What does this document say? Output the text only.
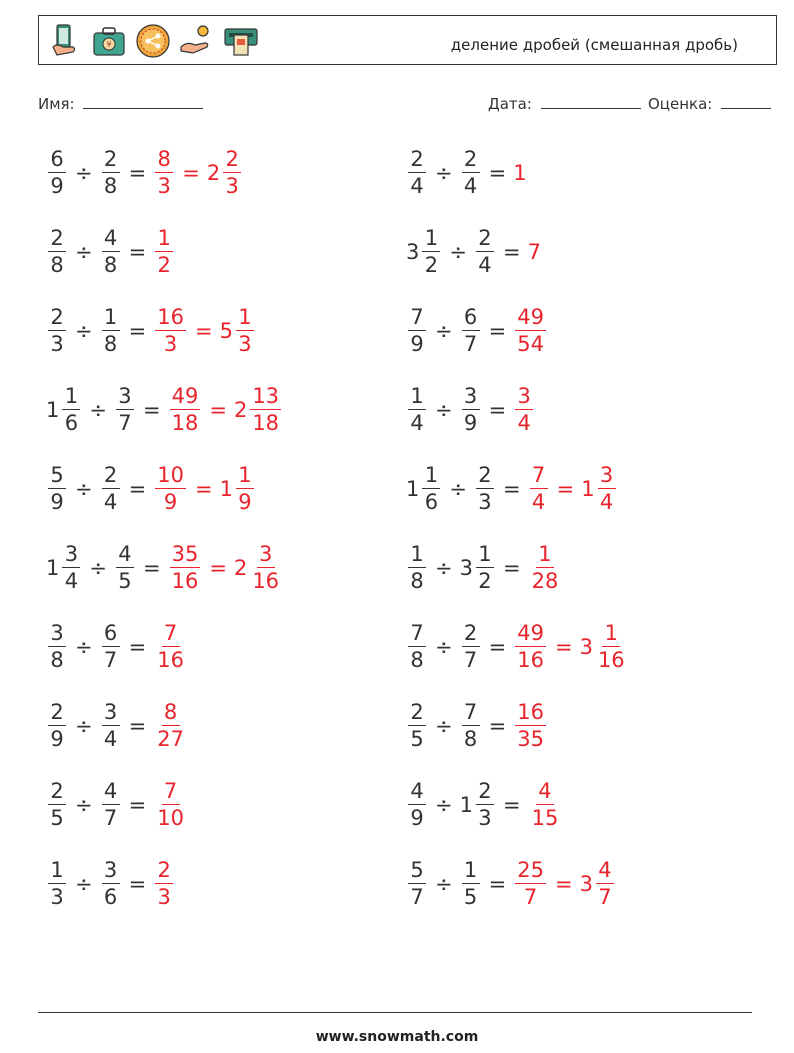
¥	деление дробей (смешанная дробь)
Имя:	Дата:	Оценка:
$\frac{6}{9} \div \frac{2}{8} = \frac{8}{3} = 2 \frac{2}{3}$	$\frac{2}{4} \div \frac{2}{4} = 1$
$\frac{2}{8} \div \frac{4}{8} = \frac{1}{2}$	$3 \frac{1}{2} \div \frac{2}{4} = 7$
$\frac{2}{3} \div \frac{1}{8} = \frac{16}{3} = 5 \frac{1}{3}$	$\frac{7}{9} \div \frac{6}{7} = \frac{49}{54}$
$1 \frac{1}{6} \div \frac{3}{7} = \frac{49}{18} = 2 \frac{13}{18}$	$\frac{1}{4} \div \frac{3}{9} = \frac{3}{4}$
$\frac{5}{9} \div \frac{2}{4} = \frac{10}{9} = 1 \frac{1}{9}$	$1 \frac{1}{6} \div \frac{2}{3} = \frac{7}{4} = 1 \frac{3}{4}$
$1 \frac{3}{4} \div \frac{4}{5} = \frac{35}{16} = 2 \frac{3}{16}$	$\frac{1}{8} \div 3 \frac{1}{2} = \frac{1}{28}$
$\frac{3}{8} \div \frac{6}{7} = \frac{7}{16}$	$\frac{7}{8} \div \frac{2}{7} = \frac{49}{16} = 3 \frac{1}{16}$
$\frac{2}{9} \div \frac{3}{4} = \frac{8}{27}$	$\frac{2}{5} \div \frac{7}{8} = \frac{16}{35}$
$\frac{2}{5} \div \frac{4}{7} = \frac{7}{10}$	$\frac{4}{9} \div 1 \frac{2}{3} = \frac{4}{15}$
$\frac{1}{3} \div \frac{3}{6} = \frac{2}{3}$	$\frac{5}{7} \div \frac{1}{5} = \frac{25}{7} = 3 \frac{4}{7}$
www.snowmath.com
